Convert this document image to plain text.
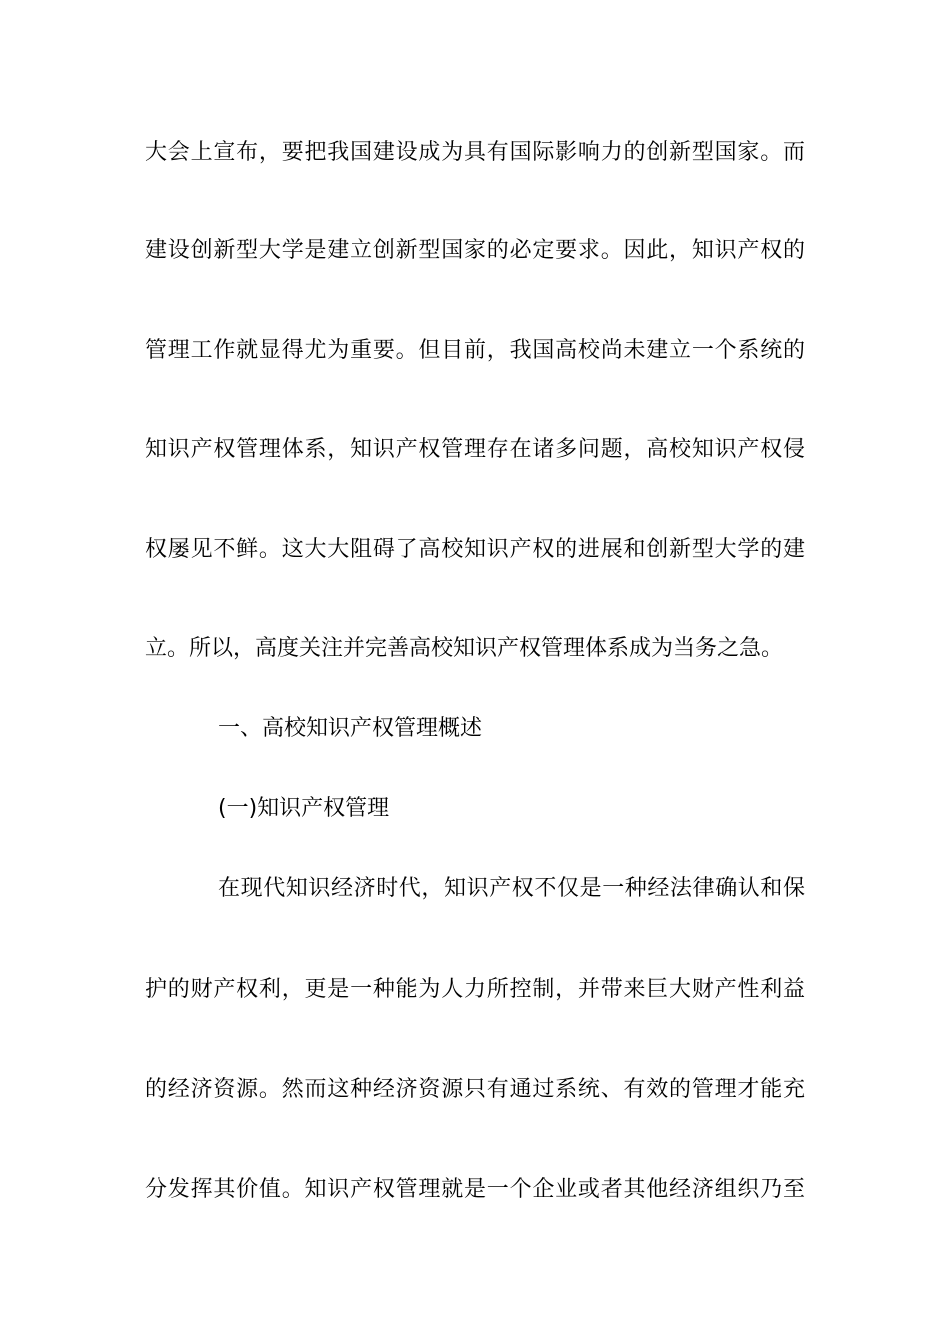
大会上宣布，要把我国建设成为具有国际影响力的创新型国家。而
建设创新型大学是建立创新型国家的必定要求。因此，知识产权的
管理工作就显得尤为重要。但目前，我国高校尚未建立一个系统的
知识产权管理体系，知识产权管理存在诸多问题，高校知识产权侵
权屡见不鲜。这大大阻碍了高校知识产权的进展和创新型大学的建
立。所以，高度关注并完善高校知识产权管理体系成为当务之急。
一、高校知识产权管理概述
(一)知识产权管理
在现代知识经济时代，知识产权不仅是一种经法律确认和保
护的财产权利，更是一种能为人力所控制，并带来巨大财产性利益
的经济资源。然而这种经济资源只有通过系统、有效的管理才能充
分发挥其价值。知识产权管理就是一个企业或者其他经济组织乃至
